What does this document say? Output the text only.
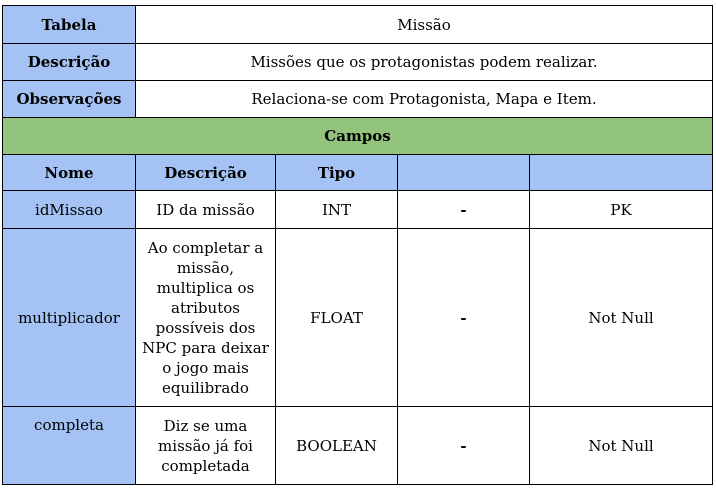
Tabela	Missão			
Descrição	Missões que os protagonistas podem realizar.			
Observações	Relaciona-se com Protagonista, Mapa e Item.			
Campos				
Nome	Descrição	Tipo		
idMissao	ID da missão	INT	-	PK
multiplicador	Ao completar a missão, multiplica os atributos possíveis dos NPC para deixar o jogo mais equilibrado	FLOAT	-	Not Null
completa	Diz se uma missão já foi completada	BOOLEAN	-	Not Null
